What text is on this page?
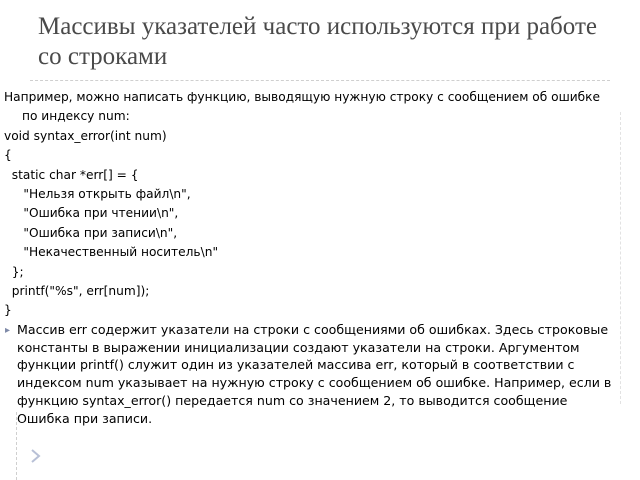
Массивы указателей часто используются при работе со строками
Например, можно написать функцию, выводящую нужную строку с сообщением об ошибке по индексу num:
void syntax_error(int num)
{
static char *err[] = {
"Нельзя открыть файл\n",
"Ошибка при чтении\n",
"Ошибка при записи\n",
"Некачественный носитель\n"
};
printf("%s", err[num]);
}
▸ Массив err содержит указатели на строки с сообщениями об ошибках. Здесь строковые константы в выражении инициализации создают указатели на строки. Аргументом функции printf() служит один из указателей массива err, который в соответствии с индексом num указывает на нужную строку с сообщением об ошибке. Например, если в функцию syntax_error() передается num со значением 2, то выводится сообщение Ошибка при записи.
